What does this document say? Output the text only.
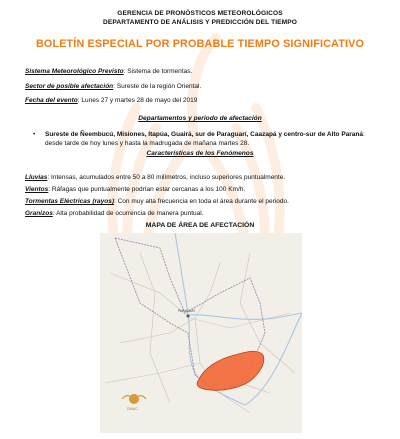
GERENCIA DE PRONÓSTICOS METEOROLÓGICOS
DEPARTAMENTO DE ANÁLISIS Y PREDICCIÓN DEL TIEMPO
BOLETÍN ESPECIAL POR PROBABLE TIEMPO SIGNIFICATIVO
Sistema Meteorológico Previsto: Sistema de tormentas.
Sector de posible afectación: Sureste de la región Oriental.
Fecha del evento: Lunes 27 y martes 28 de mayo del 2019
Departamentos y periodo de afectación
• Sureste de Ñeembucú, Misiones, Itapúa, Guairá, sur de Paraguarí, Caazapá y centro-sur de Alto Paraná: desde tarde de hoy lunes y hasta la madrugada de mañana martes 28.
Características de los Fenómenos
Lluvias: Intensas, acumulados entre 50 a 80 milímetros, incluso superiores puntualmente.
Vientos: Ráfagas que puntualmente podrían estar cercanas a los 100 Km/h.
Tormentas Eléctricas (rayos): Con muy alta frecuencia en toda el área durante el periodo.
Granizos: Alta probabilidad de ocurrencia de manera puntual.
MAPA DE ÁREA DE AFECTACIÓN
PARAGUAY
DINAC
